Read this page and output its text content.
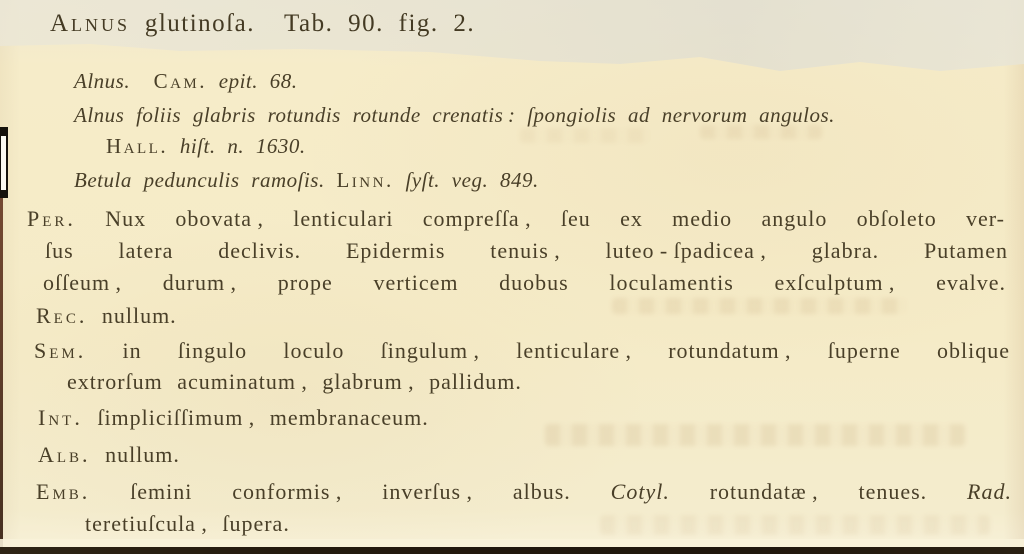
Alnus glutinoſa.  Tab. 90. fig. 2.
Alnus. Cam. epit. 68.
Alnus foliis glabris rotundis rotunde crenatis : ſpongiolis ad nervorum angulos.
Hall. hiſt. n. 1630.
Betula pedunculis ramoſis. Linn. ſyſt. veg. 849.
Per. Nux obovata , lenticulari compreſſa , ſeu ex medio angulo obſoleto ver-
ſus latera declivis. Epidermis tenuis , luteo - ſpadicea , glabra. Putamen
oſſeum , durum , prope verticem duobus loculamentis exſculptum , evalve.
Rec. nullum.
Sem. in ſingulo loculo ſingulum , lenticulare , rotundatum , ſuperne oblique
extrorſum acuminatum , glabrum , pallidum.
Int. ſimpliciſſimum , membranaceum.
Alb. nullum.
Emb. ſemini conformis , inverſus , albus. Cotyl. rotundatæ , tenues. Rad.
teretiuſcula , ſupera.
